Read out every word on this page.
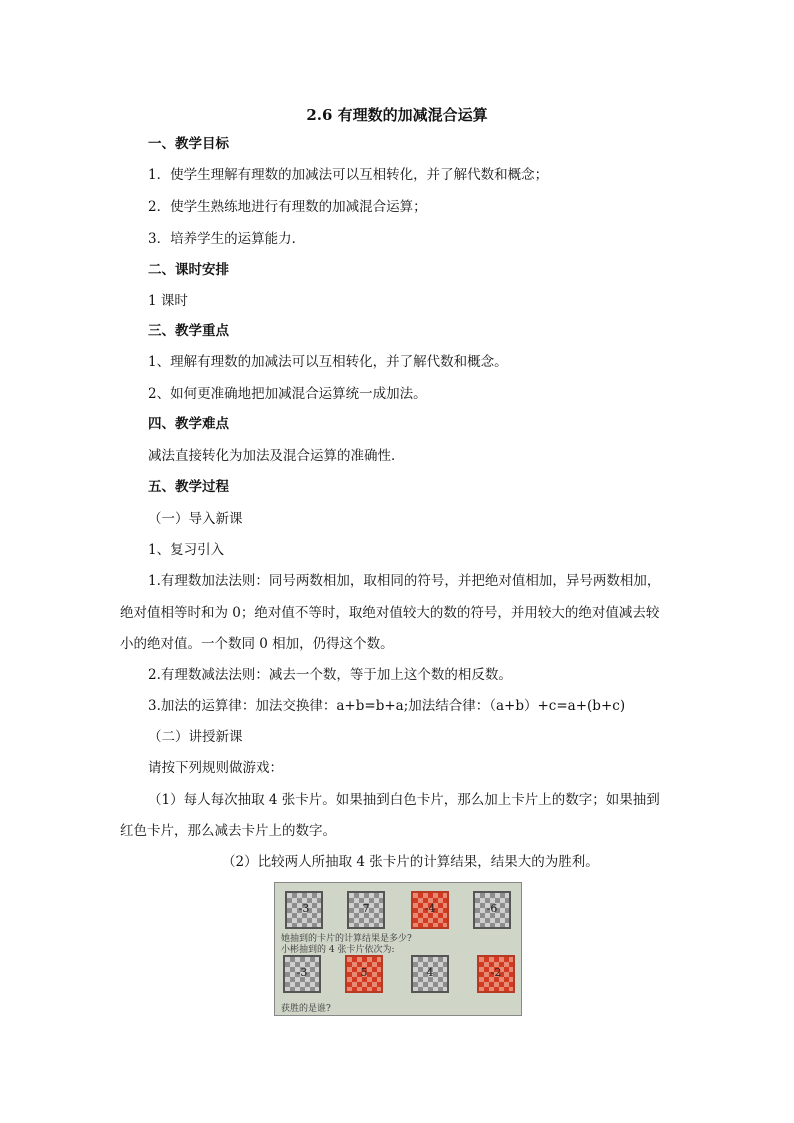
2.6 有理数的加减混合运算
一、教学目标
1．使学生理解有理数的加减法可以互相转化，并了解代数和概念；
2．使学生熟练地进行有理数的加减混合运算；
3．培养学生的运算能力．
二、课时安排
1 课时
三、教学重点
1、理解有理数的加减法可以互相转化，并了解代数和概念。
2、如何更准确地把加减混合运算统一成加法。
四、教学难点
减法直接转化为加法及混合运算的准确性．
五、教学过程
（一）导入新课
1、复习引入
1.有理数加法法则：同号两数相加，取相同的符号，并把绝对值相加，异号两数相加，
绝对值相等时和为 0；绝对值不等时，取绝对值较大的数的符号，并用较大的绝对值减去较
小的绝对值。一个数同 0 相加，仍得这个数。
2.有理数减法法则：减去一个数，等于加上这个数的相反数。
3.加法的运算律：加法交换律：a+b=b+a;加法结合律：（a+b）+c=a+(b+c)
（二）讲授新课
请按下列规则做游戏：
（1）每人每次抽取 4 张卡片。如果抽到白色卡片，那么加上卡片上的数字；如果抽到
红色卡片，那么减去卡片上的数字。
（2）比较两人所抽取 4 张卡片的计算结果，结果大的为胜利。
-3	7	-4	-6
她抽到的卡片的计算结果是多少?
小彬抽到的 4 张卡片依次为:
-3	5	4	-2
获胜的是谁?
